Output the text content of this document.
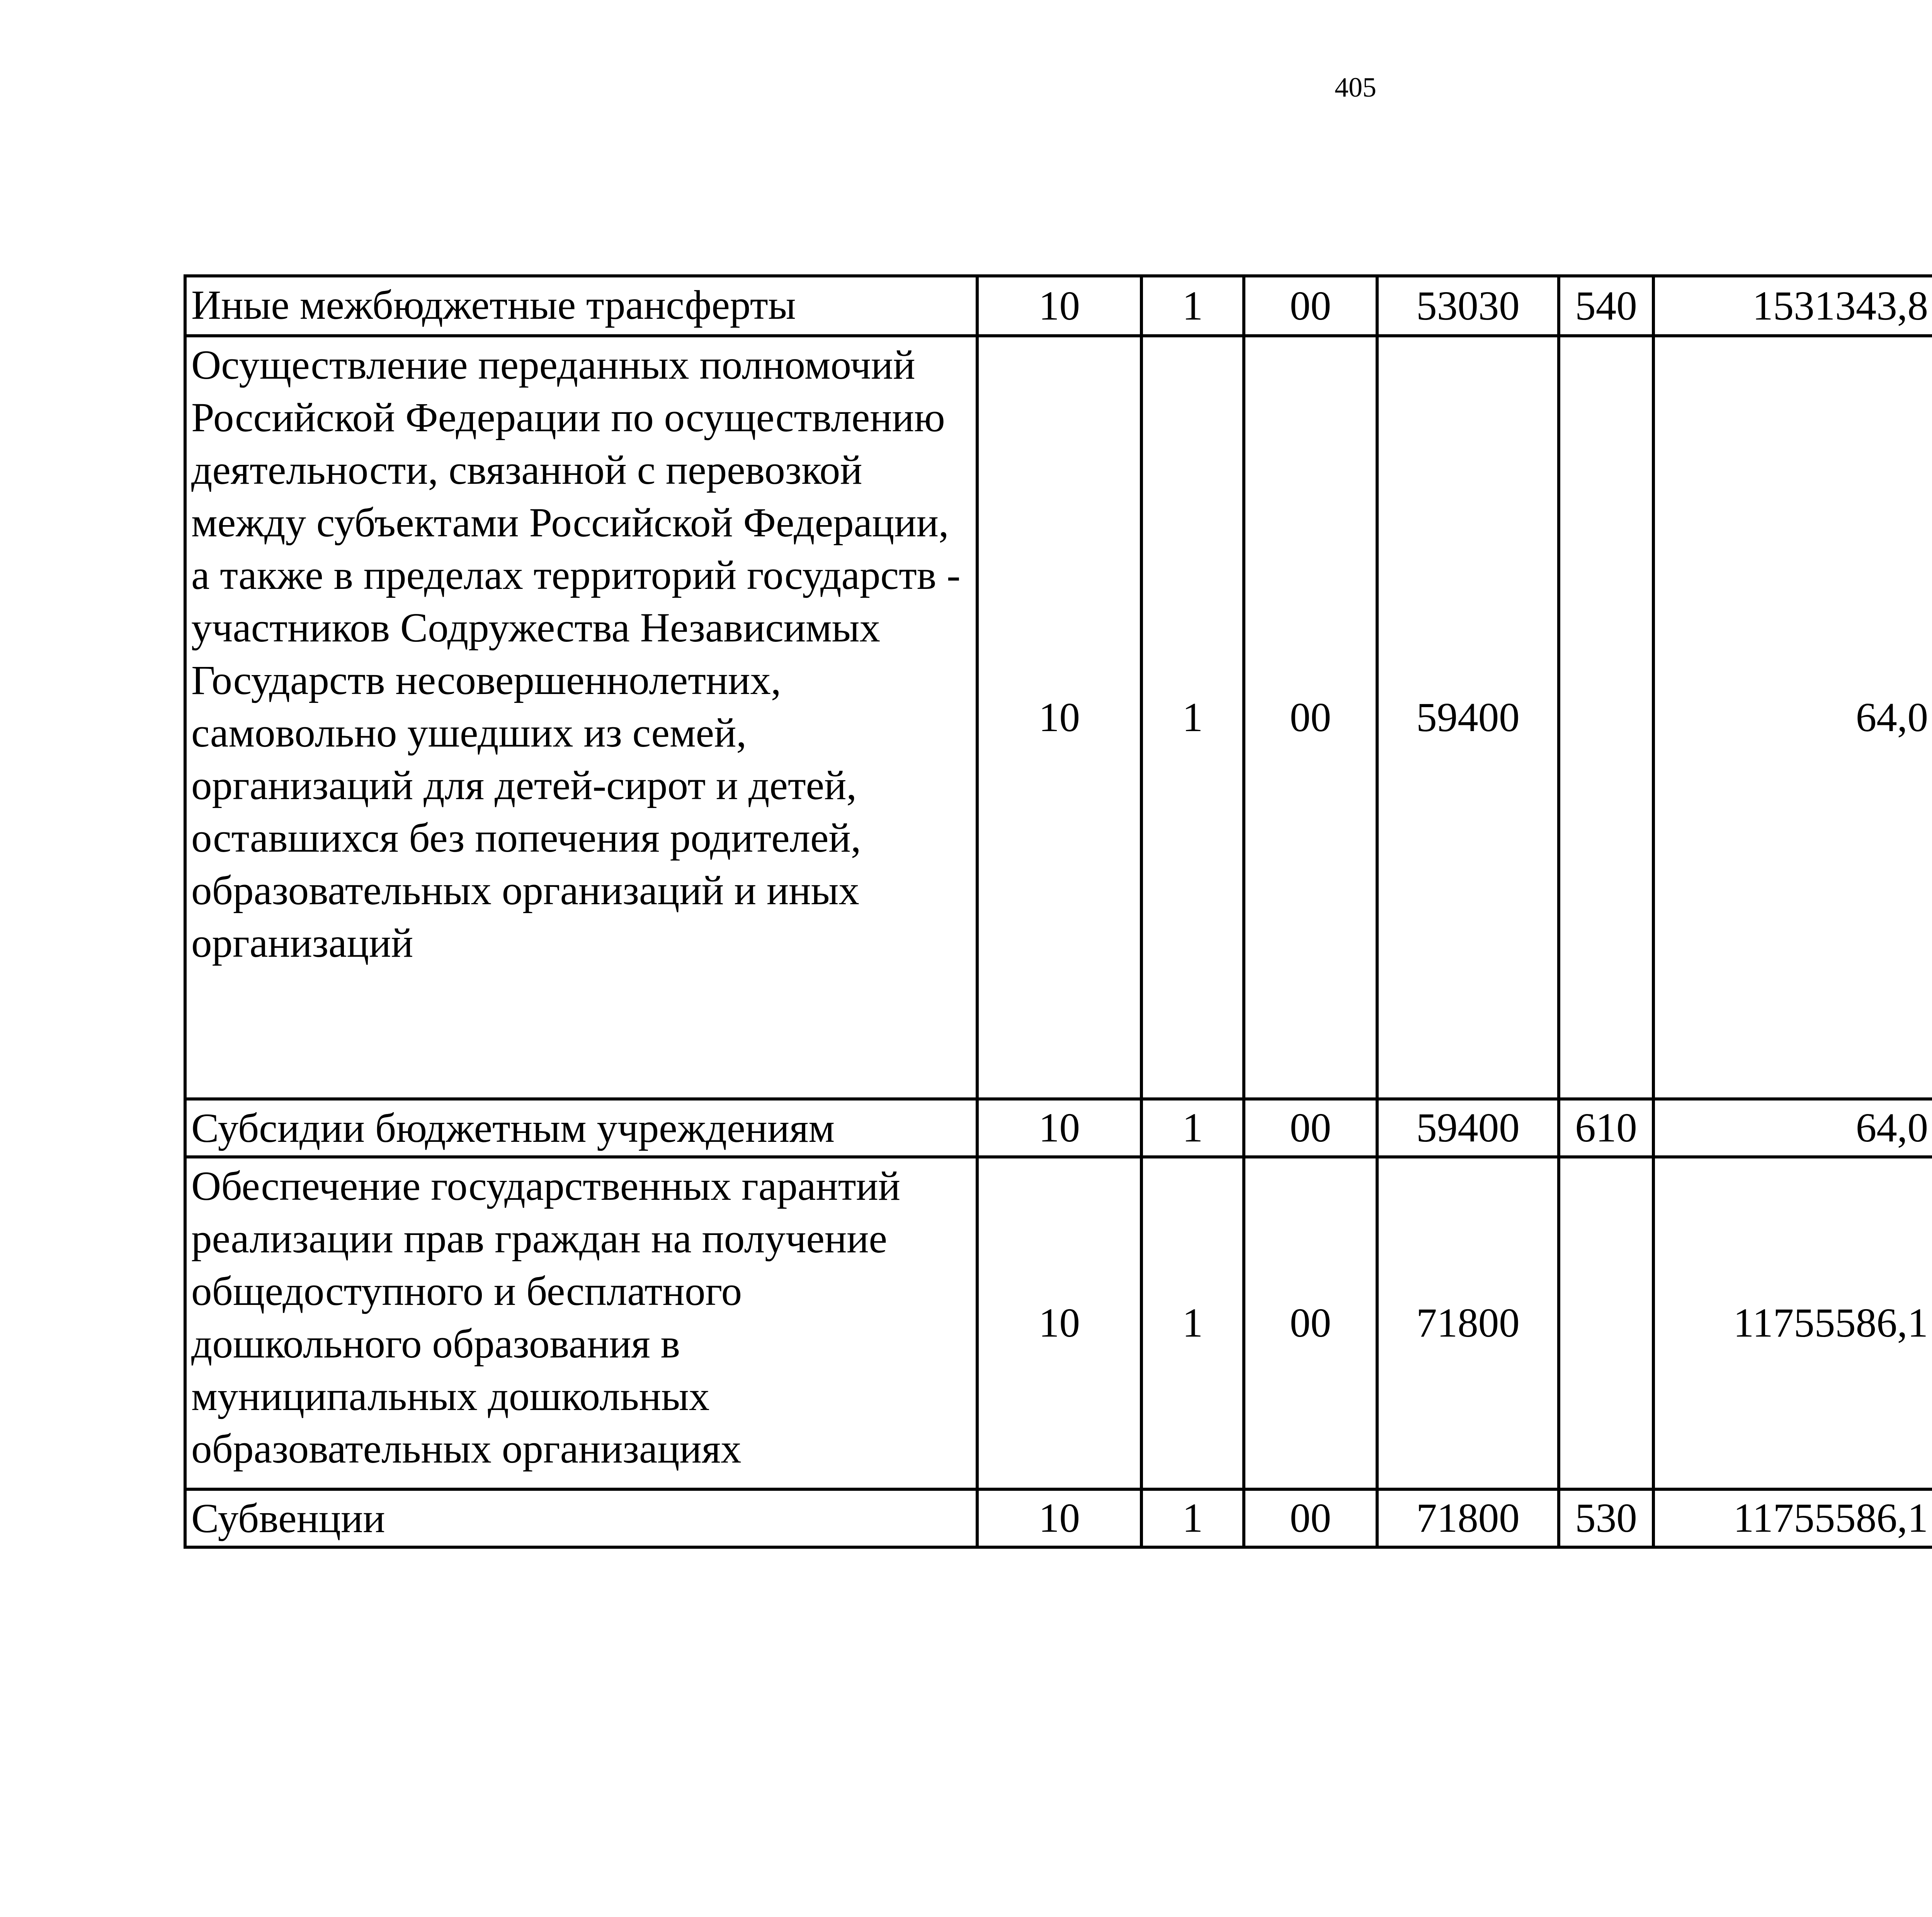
405
Иные межбюджетные трансферты	10	1	00	53030	540	1531343,8		
Осуществление переданных полномочий Российской Федерации по осуществлению деятельности, связанной с перевозкой между субъектами Российской Федерации, а также в пределах территорий государств - участников Содружества Независимых Государств несовершеннолетних, самовольно ушедших из семей, организаций для детей-сирот и детей, оставшихся без попечения родителей, образовательных организаций и иных организаций	10	1	00	59400		64,0		
Субсидии бюджетным учреждениям	10	1	00	59400	610	64,0		
Обеспечение государственных гарантий реализации прав граждан на получение общедоступного и бесплатного дошкольного образования в муниципальных дошкольных образовательных организациях	10	1	00	71800		11755586,1		
Субвенции	10	1	00	71800	530	11755586,1		
